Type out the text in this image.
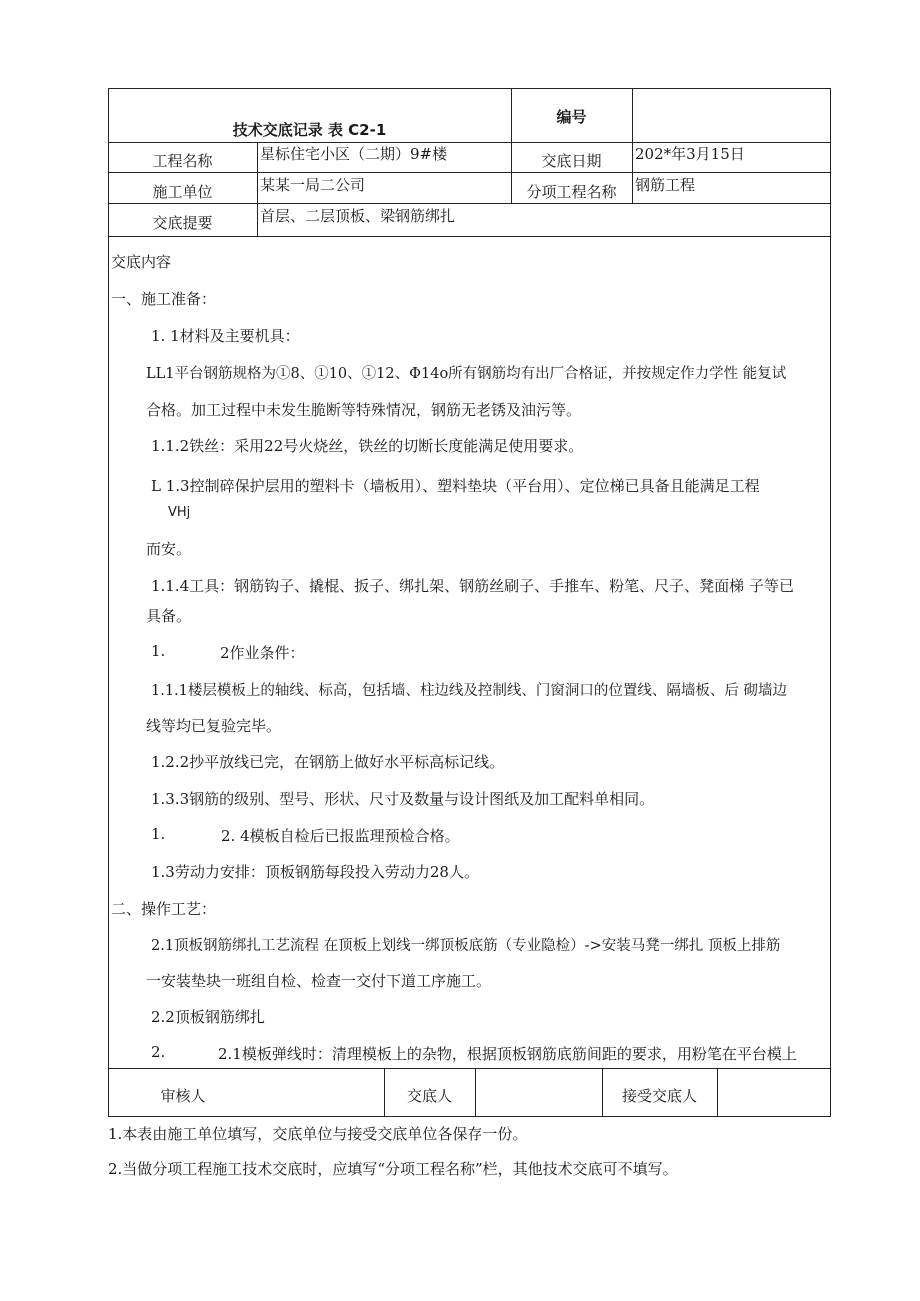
技术交底记录 表 C2-1
编号
工程名称	星标住宅小区（二期）9#楼	交底日期	202*年3月15日
施工单位	某某一局二公司	分项工程名称	钢筋工程
交底提要	首层、二层顶板、梁钢筋绑扎
交底内容
一、施工准备：
1. 1材料及主要机具：
LL1平台钢筋规格为①8、①10、①12、Φ14o所有钢筋均有出厂合格证，并按规定作力学性 能复试
合格。加工过程中未发生脆断等特殊情况，钢筋无老锈及油污等。
1.1.2铁丝：采用22号火烧丝，铁丝的切断长度能满足使用要求。
L 1.3控制碎保护层用的塑料卡（墙板用）、塑料垫块（平台用）、定位梯已具备且能满足工程
VHj
而安。
1.1.4工具：钢筋钩子、撬棍、扳子、绑扎架、钢筋丝刷子、手推车、粉笔、尺子、凳面梯 子等已
具备。
1.	2作业条件：
1.1.1楼层模板上的轴线、标高，包括墙、柱边线及控制线、门窗洞口的位置线、隔墙板、后 砌墙边
线等均已复验完毕。
1.2.2抄平放线已完，在钢筋上做好水平标高标记线。
1.3.3钢筋的级别、型号、形状、尺寸及数量与设计图纸及加工配料单相同。
1.	2. 4模板自检后已报监理预检合格。
1.3劳动力安排：顶板钢筋每段投入劳动力28人。
二、操作工艺：
2.1顶板钢筋绑扎工艺流程 在顶板上划线一绑顶板底筋（专业隐检）->安装马凳一绑扎 顶板上排筋
一安装垫块一班组自检、检查一交付下道工序施工。
2.2顶板钢筋绑扎
2.	2.1模板弹线时：清理模板上的杂物，根据顶板钢筋底筋间距的要求，用粉笔在平台模上
审核人	交底人	接受交底人
1.本表由施工单位填写，交底单位与接受交底单位各保存一份。
2.当做分项工程施工技术交底时，应填写“分项工程名称”栏，其他技术交底可不填写。
